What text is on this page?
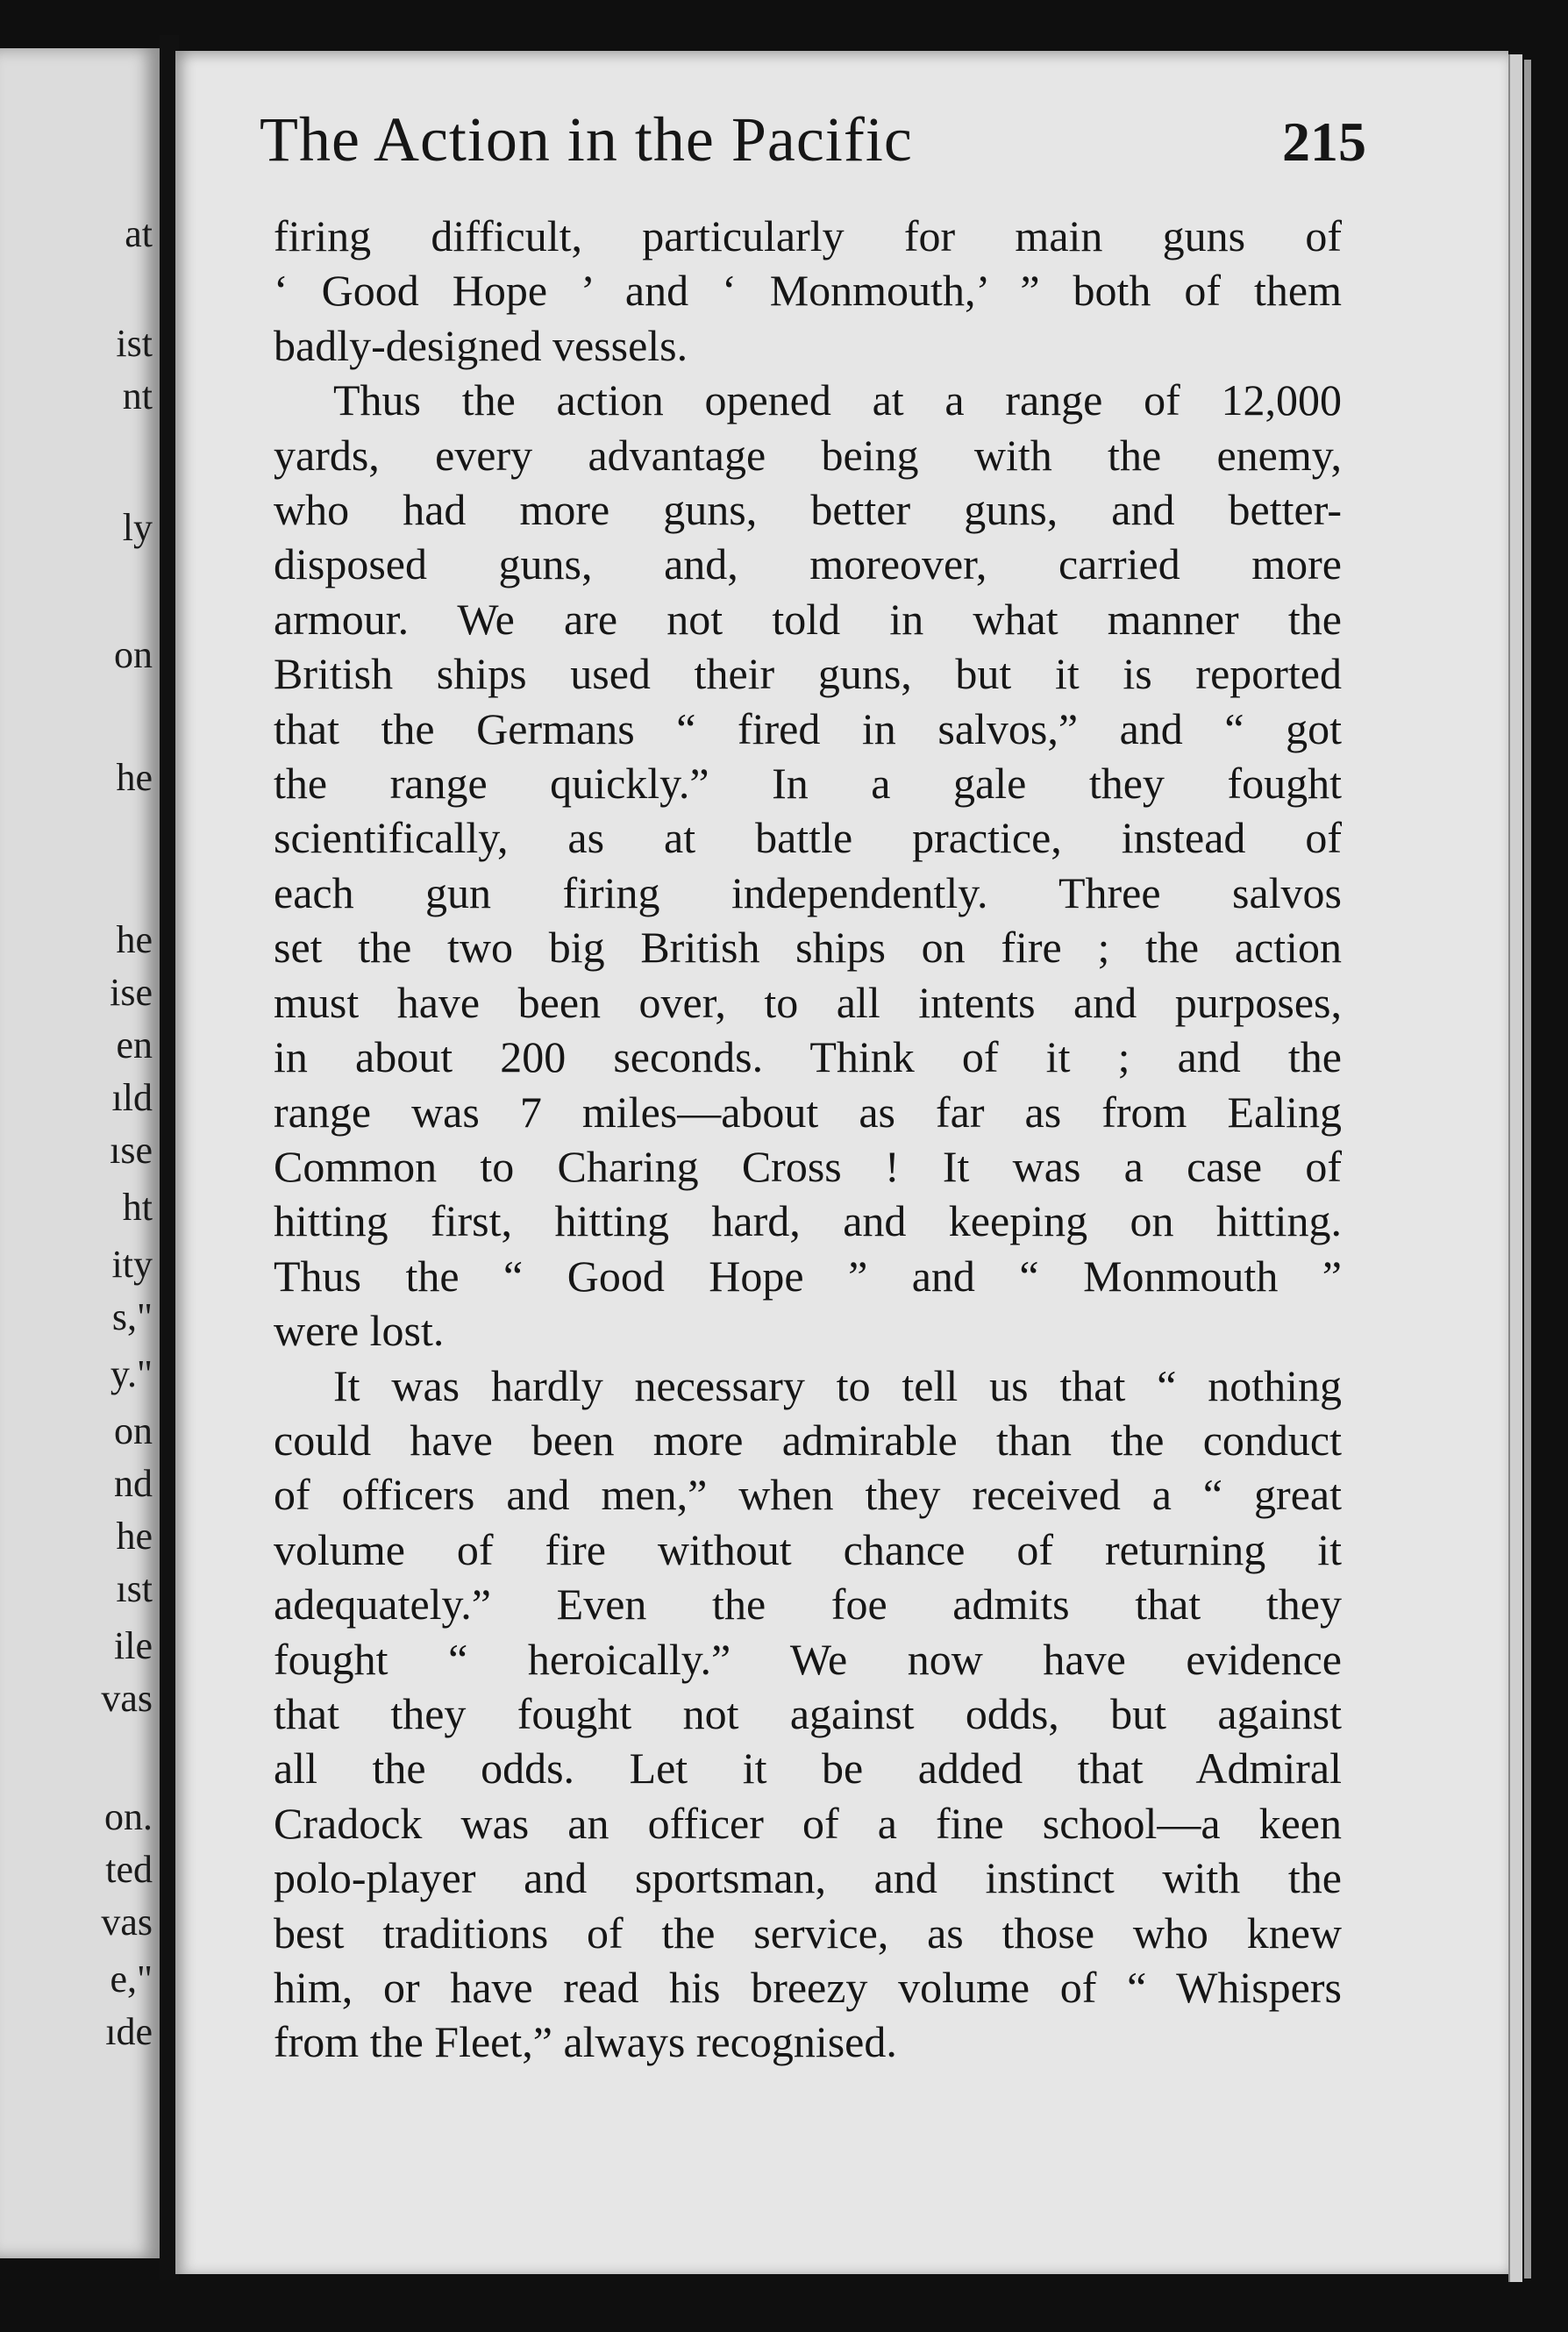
at
ist
nt
ly
on
he
he
ise
en
ıld
ıse
ht
ity
s,"
y."
on
nd
he
ıst
ile
vas
on.
ted
vas
e,"
ıde
The Action in the Pacific	215
firing difficult, particularly for main guns of
‘ Good Hope ’ and ‘ Monmouth,’ ” both of them
badly-designed vessels.
Thus the action opened at a range of 12,000
yards, every advantage being with the enemy,
who had more guns, better guns, and better-
disposed guns, and, moreover, carried more
armour. We are not told in what manner the
British ships used their guns, but it is reported
that the Germans “ fired in salvos,” and “ got
the range quickly.” In a gale they fought
scientifically, as at battle practice, instead of
each gun firing independently. Three salvos
set the two big British ships on fire ; the action
must have been over, to all intents and purposes,
in about 200 seconds. Think of it ; and the
range was 7 miles—about as far as from Ealing
Common to Charing Cross ! It was a case of
hitting first, hitting hard, and keeping on hitting.
Thus the “ Good Hope ” and “ Monmouth ”
were lost.
It was hardly necessary to tell us that “ nothing
could have been more admirable than the conduct
of officers and men,” when they received a “ great
volume of fire without chance of returning it
adequately.” Even the foe admits that they
fought “ heroically.” We now have evidence
that they fought not against odds, but against
all the odds. Let it be added that Admiral
Cradock was an officer of a fine school—a keen
polo-player and sportsman, and instinct with the
best traditions of the service, as those who knew
him, or have read his breezy volume of “ Whispers
from the Fleet,” always recognised.
